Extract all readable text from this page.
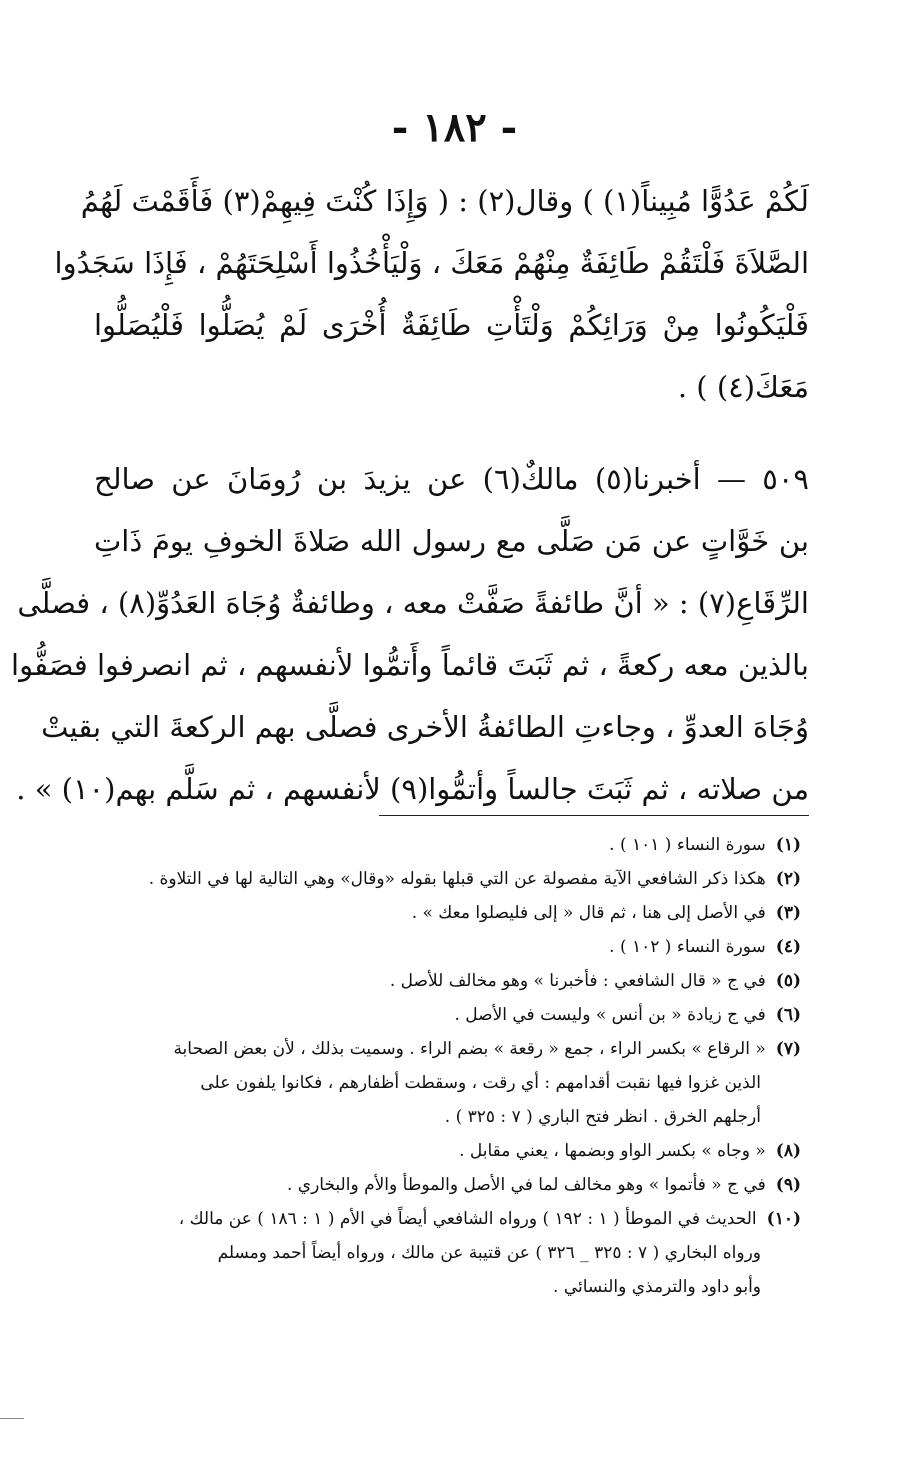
- ١٨٢ -
لَكُمْ عَدُوًّا مُبِيناً(١) ) وقال(٢) : ( وَإِذَا كُنْتَ فِيهِمْ(٣) فَأَقَمْتَ لَهُمُ
الصَّلاَةَ فَلْتَقُمْ طَائِفَةٌ مِنْهُمْ مَعَكَ ، وَلْيَأْخُذُوا أَسْلِحَتَهُمْ ، فَإِذَا سَجَدُوا
فَلْيَكُونُوا مِنْ وَرَائِكُمْ وَلْتَأْتِ طَائِفَةٌ أُخْرَى لَمْ يُصَلُّوا فَلْيُصَلُّوا
مَعَكَ(٤) ) .
٥٠٩ — أخبرنا(٥) مالكٌ(٦) عن يزيدَ بن رُومَانَ عن صالح
بن خَوَّاتٍ عن مَن صَلَّى مع رسول الله صَلاةَ الخوفِ يومَ ذَاتِ
الرِّقَاعِ(٧) : « أنَّ طائفةً صَفَّتْ معه ، وطائفةٌ وُجَاهَ العَدُوِّ(٨) ، فصلَّى
بالذين معه ركعةً ، ثم ثَبَتَ قائماً وأَتمُّوا لأنفسهم ، ثم انصرفوا فصَفُّوا
وُجَاهَ العدوِّ ، وجاءتِ الطائفةُ الأخرى فصلَّى بهم الركعةَ التي بقيتْ
من صلاته ، ثم ثَبَتَ جالساً وأتمُّوا(٩) لأنفسهم ، ثم سَلَّم بهم(١٠) » .
(١)سورة النساء ( ١٠١ ) .
(٢)هكذا ذكر الشافعي الآية مفصولة عن التي قبلها بقوله «وقال» وهي التالية لها في التلاوة .
(٣)في الأصل إلى هنا ، ثم قال « إلى فليصلوا معك » .
(٤)سورة النساء ( ١٠٢ ) .
(٥)في ج « قال الشافعي : فأخبرنا » وهو مخالف للأصل .
(٦)في ج زيادة « بن أنس » وليست في الأصل .
(٧)« الرقاع » بكسر الراء ، جمع « رقعة » بضم الراء . وسميت بذلك ، لأن بعض الصحابة
الذين غزوا فيها نقبت أقدامهم : أي رقت ، وسقطت أظفارهم ، فكانوا يلفون على
أرجلهم الخرق . انظر فتح الباري ( ٧ : ٣٢٥ ) .
(٨)« وجاه » بكسر الواو وبضمها ، يعني مقابل .
(٩)في ج « فأتموا » وهو مخالف لما في الأصل والموطأ والأم والبخاري .
(١٠)الحديث في الموطأ ( ١ : ١٩٢ ) ورواه الشافعي أيضاً في الأم ( ١ : ١٨٦ ) عن مالك ،
ورواه البخاري ( ٧ : ٣٢٥ _ ٣٢٦ ) عن قتيبة عن مالك ، ورواه أيضاً أحمد ومسلم
وأبو داود والترمذي والنسائي .
